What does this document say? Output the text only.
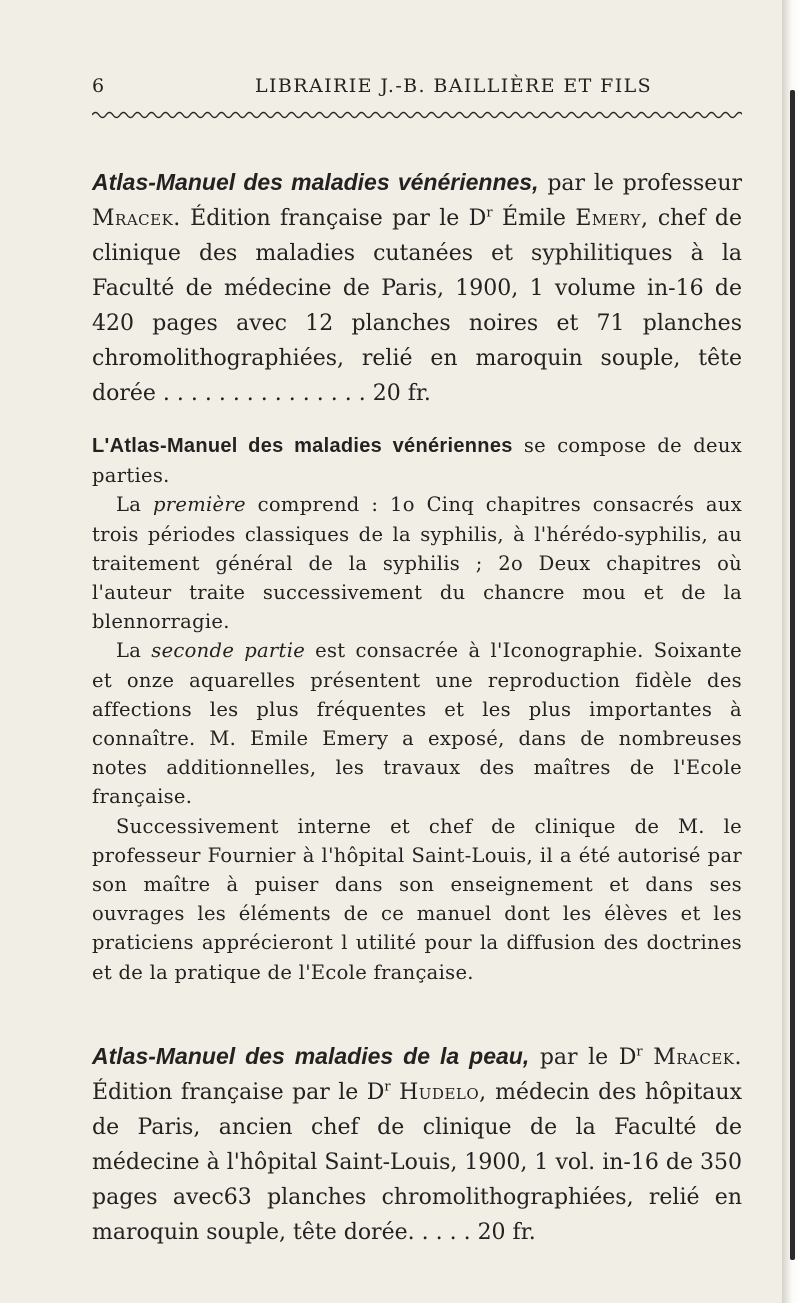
6	LIBRAIRIE J.-B. BAILLIÈRE ET FILS

Atlas-Manuel des maladies vénériennes, par le professeur Mracek. Édition française par le $D^r$ Émile Emery, chef de clinique des maladies cutanées et syphilitiques à la Faculté de médecine de Paris, 1900, 1 volume in-16 de 420 pages avec 12 planches noires et 71 planches chromolithographiées, relié en maroquin souple, tête dorée . . . . . . . . . . . . . . . 20 fr.

L'Atlas-Manuel des maladies vénériennes se compose de deux parties.

La première comprend : 1o Cinq chapitres consacrés aux trois périodes classiques de la syphilis, à l'hérédo-syphilis, au traitement général de la syphilis ; 2o Deux chapitres où l'auteur traite successivement du chancre mou et de la blennorragie.

La seconde partie est consacrée à l'Iconographie. Soixante et onze aquarelles présentent une reproduction fidèle des affections les plus fréquentes et les plus importantes à connaître. M. Emile Emery a exposé, dans de nombreuses notes additionnelles, les travaux des maîtres de l'Ecole française.

Successivement interne et chef de clinique de M. le professeur Fournier à l'hôpital Saint-Louis, il a été autorisé par son maître à puiser dans son enseignement et dans ses ouvrages les éléments de ce manuel dont les élèves et les praticiens apprécieront l utilité pour la diffusion des doctrines et de la pratique de l'Ecole française.

Atlas-Manuel des maladies de la peau, par le $D^r$ Mracek. Édition française par le $D^r$ Hudelo, médecin des hôpitaux de Paris, ancien chef de clinique de la Faculté de médecine à l'hôpital Saint-Louis, 1900, 1 vol. in-16 de 350 pages avec63 planches chromolithographiées, relié en maroquin souple, tête dorée. . . . . 20 fr.
